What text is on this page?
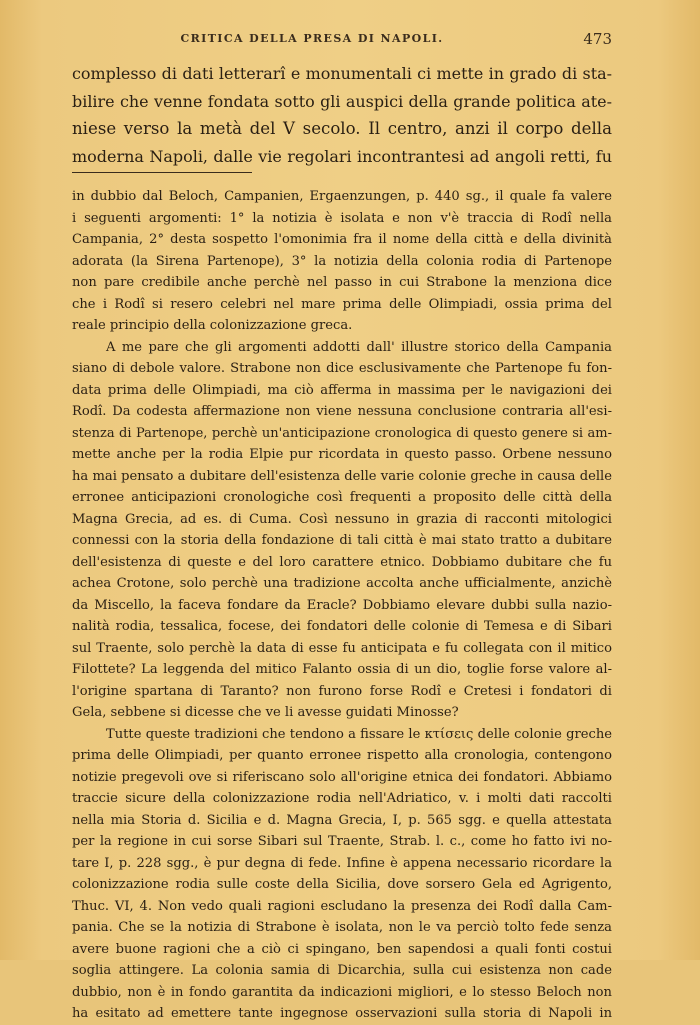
CRITICA DELLA PRESA DI NAPOLI.	473
complesso di dati letterarî e monumentali ci mette in grado di sta-
bilire che venne fondata sotto gli auspici della grande politica ate-
niese verso la metà del V secolo. Il centro, anzi il corpo della
moderna Napoli, dalle vie regolari incontrantesi ad angoli retti, fu
in dubbio dal Beloch, Campanien, Ergaenzungen, p. 440 sg., il quale fa valere
i seguenti argomenti: 1° la notizia è isolata e non v'è traccia di Rodî nella
Campania, 2° desta sospetto l'omonimia fra il nome della città e della divinità
adorata (la Sirena Partenope), 3° la notizia della colonia rodia di Partenope
non pare credibile anche perchè nel passo in cui Strabone la menziona dice
che i Rodî si resero celebri nel mare prima delle Olimpiadi, ossia prima del
reale principio della colonizzazione greca.
A me pare che gli argomenti addotti dall' illustre storico della Campania
siano di debole valore. Strabone non dice esclusivamente che Partenope fu fon-
data prima delle Olimpiadi, ma ciò afferma in massima per le navigazioni dei
Rodî. Da codesta affermazione non viene nessuna conclusione contraria all'esi-
stenza di Partenope, perchè un'anticipazione cronologica di questo genere si am-
mette anche per la rodia Elpie pur ricordata in questo passo. Orbene nessuno
ha mai pensato a dubitare dell'esistenza delle varie colonie greche in causa delle
erronee anticipazioni cronologiche così frequenti a proposito delle città della
Magna Grecia, ad es. di Cuma. Così nessuno in grazia di racconti mitologici
connessi con la storia della fondazione di tali città è mai stato tratto a dubitare
dell'esistenza di queste e del loro carattere etnico. Dobbiamo dubitare che fu
achea Crotone, solo perchè una tradizione accolta anche ufficialmente, anzichè
da Miscello, la faceva fondare da Eracle? Dobbiamo elevare dubbi sulla nazio-
nalità rodia, tessalica, focese, dei fondatori delle colonie di Temesa e di Sibari
sul Traente, solo perchè la data di esse fu anticipata e fu collegata con il mitico
Filottete? La leggenda del mitico Falanto ossia di un dio, toglie forse valore al-
l'origine spartana di Taranto? non furono forse Rodî e Cretesi i fondatori di
Gela, sebbene si dicesse che ve li avesse guidati Minosse?
Tutte queste tradizioni che tendono a fissare le κτίσεις delle colonie greche
prima delle Olimpiadi, per quanto erronee rispetto alla cronologia, contengono
notizie pregevoli ove si riferiscano solo all'origine etnica dei fondatori. Abbiamo
traccie sicure della colonizzazione rodia nell'Adriatico, v. i molti dati raccolti
nella mia Storia d. Sicilia e d. Magna Grecia, I, p. 565 sgg. e quella attestata
per la regione in cui sorse Sibari sul Traente, Strab. l. c., come ho fatto ivi no-
tare I, p. 228 sgg., è pur degna di fede. Infine è appena necessario ricordare la
colonizzazione rodia sulle coste della Sicilia, dove sorsero Gela ed Agrigento,
Thuc. VI, 4. Non vedo quali ragioni escludano la presenza dei Rodî dalla Cam-
pania. Che se la notizia di Strabone è isolata, non le va perciò tolto fede senza
avere buone ragioni che a ciò ci spingano, ben sapendosi a quali fonti costui
soglia attingere. La colonia samia di Dicarchia, sulla cui esistenza non cade
dubbio, non è in fondo garantita da indicazioni migliori, e lo stesso Beloch non
ha esitato ad emettere tante ingegnose osservazioni sulla storia di Napoli in
